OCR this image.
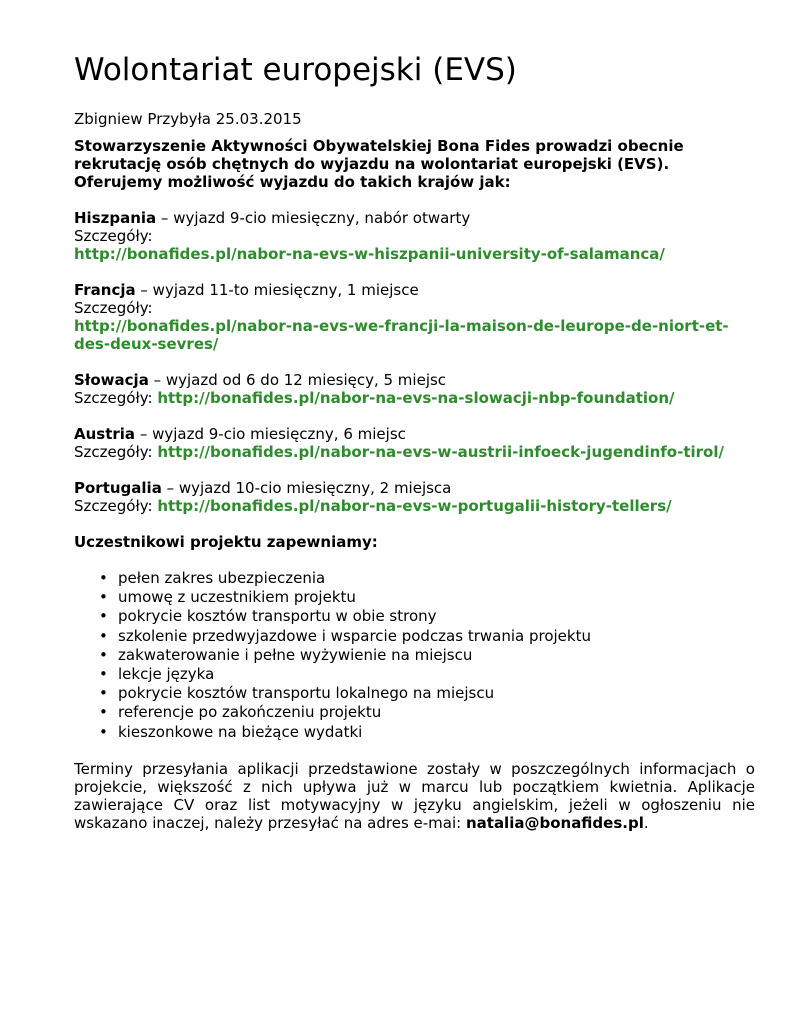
Wolontariat europejski (EVS)

Zbigniew Przybyła 25.03.2015

Stowarzyszenie Aktywności Obywatelskiej Bona Fides prowadzi obecnie rekrutację osób chętnych do wyjazdu na wolontariat europejski (EVS). Oferujemy możliwość wyjazdu do takich krajów jak:

Hiszpania – wyjazd 9-cio miesięczny, nabór otwarty
Szczegóły:
http://bonafides.pl/nabor-na-evs-w-hiszpanii-university-of-salamanca/
Francja – wyjazd 11-to miesięczny, 1 miejsce
Szczegóły:
http://bonafides.pl/nabor-na-evs-we-francji-la-maison-de-leurope-de-niort-et-des-deux-sevres/
Słowacja – wyjazd od 6 do 12 miesięcy, 5 miejsc
Szczegóły: http://bonafides.pl/nabor-na-evs-na-slowacji-nbp-foundation/
Austria – wyjazd 9-cio miesięczny, 6 miejsc
Szczegóły: http://bonafides.pl/nabor-na-evs-w-austrii-infoeck-jugendinfo-tirol/
Portugalia – wyjazd 10-cio miesięczny, 2 miejsca
Szczegóły: http://bonafides.pl/nabor-na-evs-w-portugalii-history-tellers/

Uczestnikowi projektu zapewniamy:

• pełen zakres ubezpieczenia
• umowę z uczestnikiem projektu
• pokrycie kosztów transportu w obie strony
• szkolenie przedwyjazdowe i wsparcie podczas trwania projektu
• zakwaterowanie i pełne wyżywienie na miejscu
• lekcje języka
• pokrycie kosztów transportu lokalnego na miejscu
• referencje po zakończeniu projektu
• kieszonkowe na bieżące wydatki

Terminy przesyłania aplikacji przedstawione zostały w poszczególnych informacjach o projekcie, większość z nich upływa już w marcu lub początkiem kwietnia. Aplikacje zawierające CV oraz list motywacyjny w języku angielskim, jeżeli w ogłoszeniu nie wskazano inaczej, należy przesyłać na adres e-mai: natalia@bonafides.pl.
